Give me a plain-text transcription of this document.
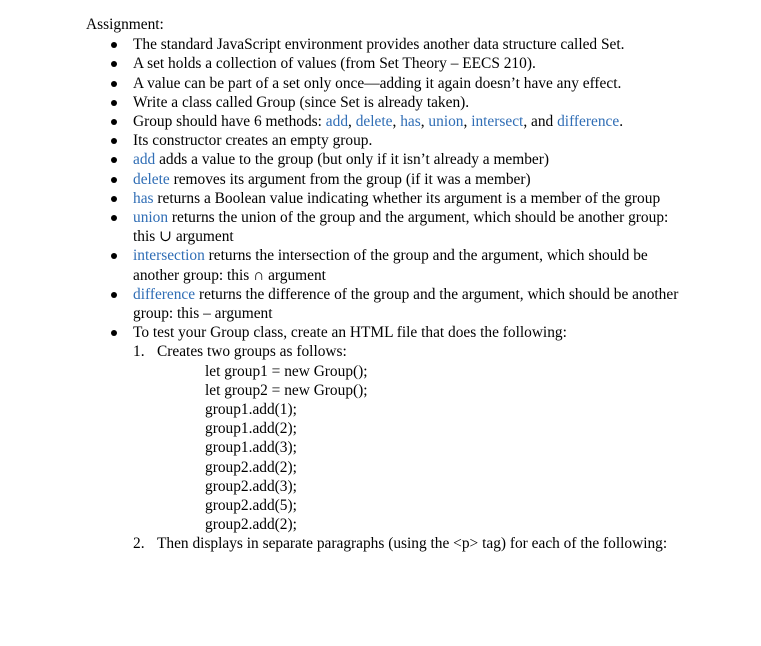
Assignment:
The standard JavaScript environment provides another data structure called Set.
A set holds a collection of values (from Set Theory – EECS 210).
A value can be part of a set only once—adding it again doesn’t have any effect.
Write a class called Group (since Set is already taken).
Group should have 6 methods: add, delete, has, union, intersect, and difference.
Its constructor creates an empty group.
add adds a value to the group (but only if it isn’t already a member)
delete removes its argument from the group (if it was a member)
has returns a Boolean value indicating whether its argument is a member of the group
union returns the union of the group and the argument, which should be another group: this ∪ argument
intersection returns the intersection of the group and the argument, which should be another group: this ∩ argument
difference returns the difference of the group and the argument, which should be another group: this – argument
To test your Group class, create an HTML file that does the following:
1. Creates two groups as follows:
let group1 = new Group();
let group2 = new Group();
group1.add(1);
group1.add(2);
group1.add(3);
group2.add(2);
group2.add(3);
group2.add(5);
group2.add(2);
2. Then displays in separate paragraphs (using the <p> tag) for each of the following:
